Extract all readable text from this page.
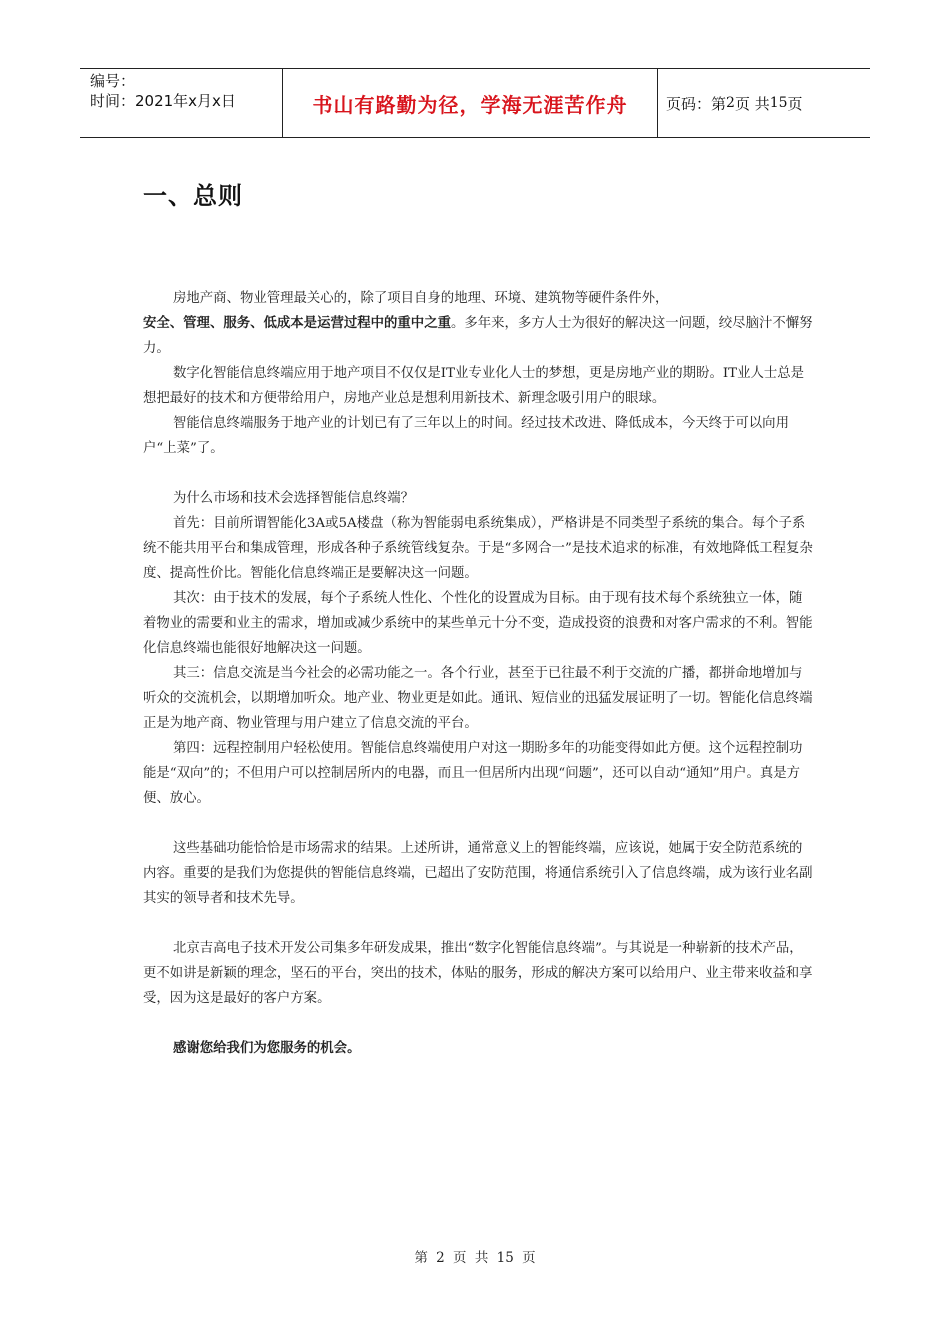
编号：
时间：2021年x月x日	书山有路勤为径，学海无涯苦作舟	页码：第 2 页 共 15 页
一、总则

房地产商、物业管理最关心的，除了项目自身的地理、环境、建筑物等硬件条件外，
安全、管理、服务、低成本是运营过程中的重中之重。多年来，多方人士为很好的解决这一问题，绞尽脑汁不懈努力。

数字化智能信息终端应用于地产项目不仅仅是IT业专业化人士的梦想，更是房地产业的期盼。IT业人士总是想把最好的技术和方便带给用户，房地产业总是想利用新技术、新理念吸引用户的眼球。

智能信息终端服务于地产业的计划已有了三年以上的时间。经过技术改进、降低成本，今天终于可以向用户“上菜”了。

为什么市场和技术会选择智能信息终端？

首先：目前所谓智能化3A或5A楼盘（称为智能弱电系统集成），严格讲是不同类型子系统的集合。每个子系统不能共用平台和集成管理，形成各种子系统管线复杂。于是“多网合一”是技术追求的标准，有效地降低工程复杂度、提高性价比。智能化信息终端正是要解决这一问题。

其次：由于技术的发展，每个子系统人性化、个性化的设置成为目标。由于现有技术每个系统独立一体，随着物业的需要和业主的需求，增加或减少系统中的某些单元十分不变，造成投资的浪费和对客户需求的不利。智能化信息终端也能很好地解决这一问题。

其三：信息交流是当今社会的必需功能之一。各个行业，甚至于已往最不利于交流的广播，都拼命地增加与听众的交流机会，以期增加听众。地产业、物业更是如此。通讯、短信业的迅猛发展证明了一切。智能化信息终端正是为地产商、物业管理与用户建立了信息交流的平台。

第四：远程控制用户轻松使用。智能信息终端使用户对这一期盼多年的功能变得如此方便。这个远程控制功能是“双向”的；不但用户可以控制居所内的电器，而且一但居所内出现“问题”，还可以自动“通知”用户。真是方便、放心。

这些基础功能恰恰是市场需求的结果。上述所讲，通常意义上的智能终端，应该说，她属于安全防范系统的内容。重要的是我们为您提供的智能信息终端，已超出了安防范围，将通信系统引入了信息终端，成为该行业名副其实的领导者和技术先导。

北京吉高电子技术开发公司集多年研发成果，推出“数字化智能信息终端”。与其说是一种崭新的技术产品，更不如讲是新颖的理念，坚石的平台，突出的技术，体贴的服务，形成的解决方案可以给用户、业主带来收益和享受，因为这是最好的客户方案。

感谢您给我们为您服务的机会。

第 2 页 共 15 页
